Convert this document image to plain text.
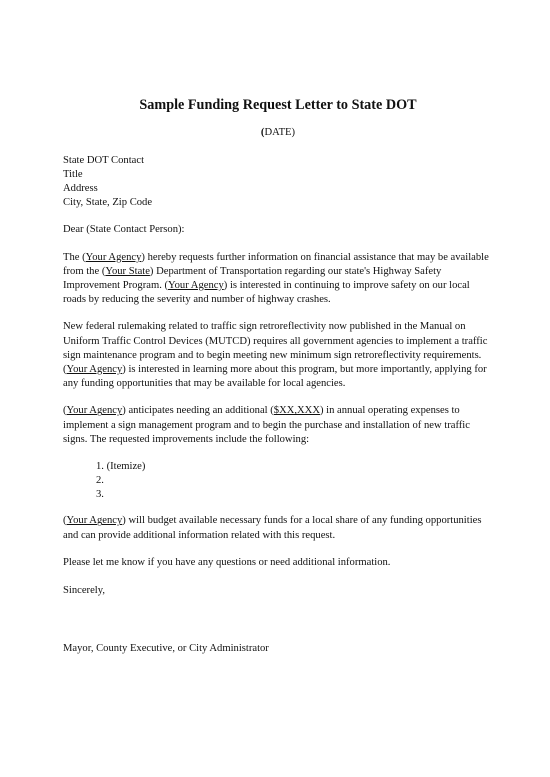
Sample Funding Request Letter to State DOT
(DATE)
State DOT Contact
Title
Address
City, State, Zip Code

Dear (State Contact Person):

The (Your Agency) hereby requests further information on financial assistance that may be available from the (Your State) Department of Transportation regarding our state's Highway Safety Improvement Program. (Your Agency) is interested in continuing to improve safety on our local roads by reducing the severity and number of highway crashes.

New federal rulemaking related to traffic sign retroreflectivity now published in the Manual on Uniform Traffic Control Devices (MUTCD) requires all government agencies to implement a traffic sign maintenance program and to begin meeting new minimum sign retroreflectivity requirements. (Your Agency) is interested in learning more about this program, but more importantly, applying for any funding opportunities that may be available for local agencies.

(Your Agency) anticipates needing an additional ($XX,XXX) in annual operating expenses to implement a sign management program and to begin the purchase and installation of new traffic signs. The requested improvements include the following:

1. (Itemize)
2.
3.

(Your Agency) will budget available necessary funds for a local share of any funding opportunities and can provide additional information related with this request.

Please let me know if you have any questions or need additional information.

Sincerely,

Mayor, County Executive, or City Administrator
